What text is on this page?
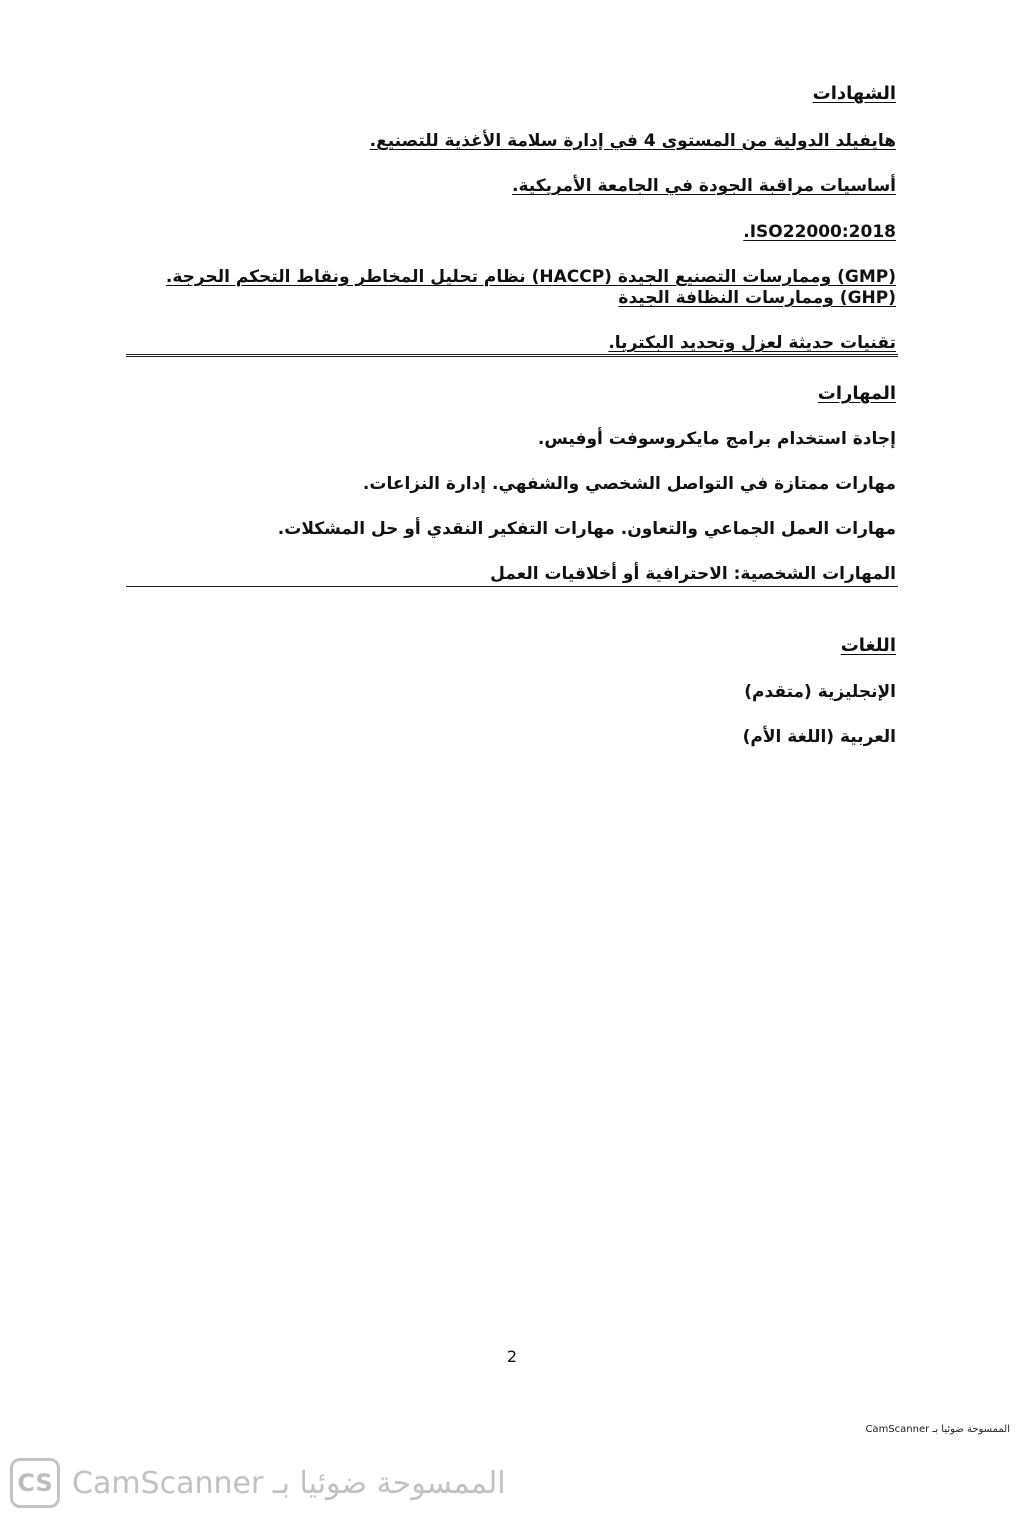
الشهادات
هايفيلد الدولية من المستوى 4 في إدارة سلامة الأغذية للتصنيع.
أساسيات مراقبة الجودة في الجامعة الأمريكية.
ISO22000:2018.
(GMP) وممارسات التصنيع الجيدة (HACCP) نظام تحليل المخاطر ونقاط التحكم الحرجة.
(GHP) وممارسات النظافة الجيدة
تقنيات حديثة لعزل وتحديد البكتريا.
المهارات
إجادة استخدام برامج مايكروسوفت أوفيس.
مهارات ممتازة في التواصل الشخصي والشفهي. إدارة النزاعات.
مهارات العمل الجماعي والتعاون. مهارات التفكير النقدي أو حل المشكلات.
المهارات الشخصية: الاحترافية أو أخلاقيات العمل
اللغات
الإنجليزية (متقدم)
العربية (اللغة الأم)
2
الممسوحة ضوئيا بـ CamScanner
CS الممسوحة ضوئيا بـ CamScanner
